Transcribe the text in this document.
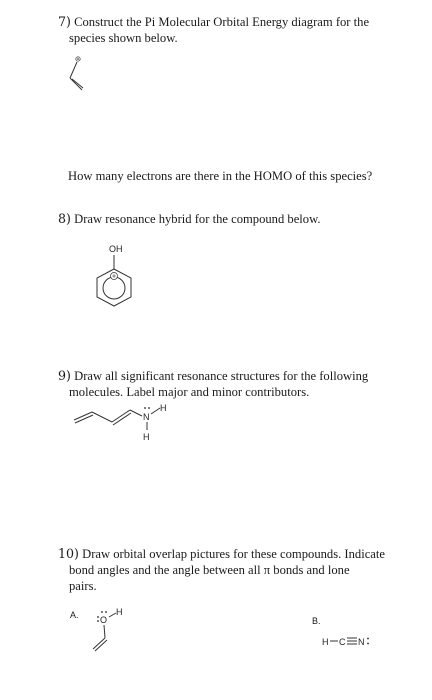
7) Construct the Pi Molecular Orbital Energy diagram for the
species shown below.
How many electrons are there in the HOMO of this species?
8) Draw resonance hybrid for the compound below.
OH
9) Draw all significant resonance structures for the following
molecules. Label major and minor contributors.
N
H
H
10) Draw orbital overlap pictures for these compounds. Indicate
bond angles and the angle between all π bonds and lone
pairs.
A.
B.
O
H
H C N
